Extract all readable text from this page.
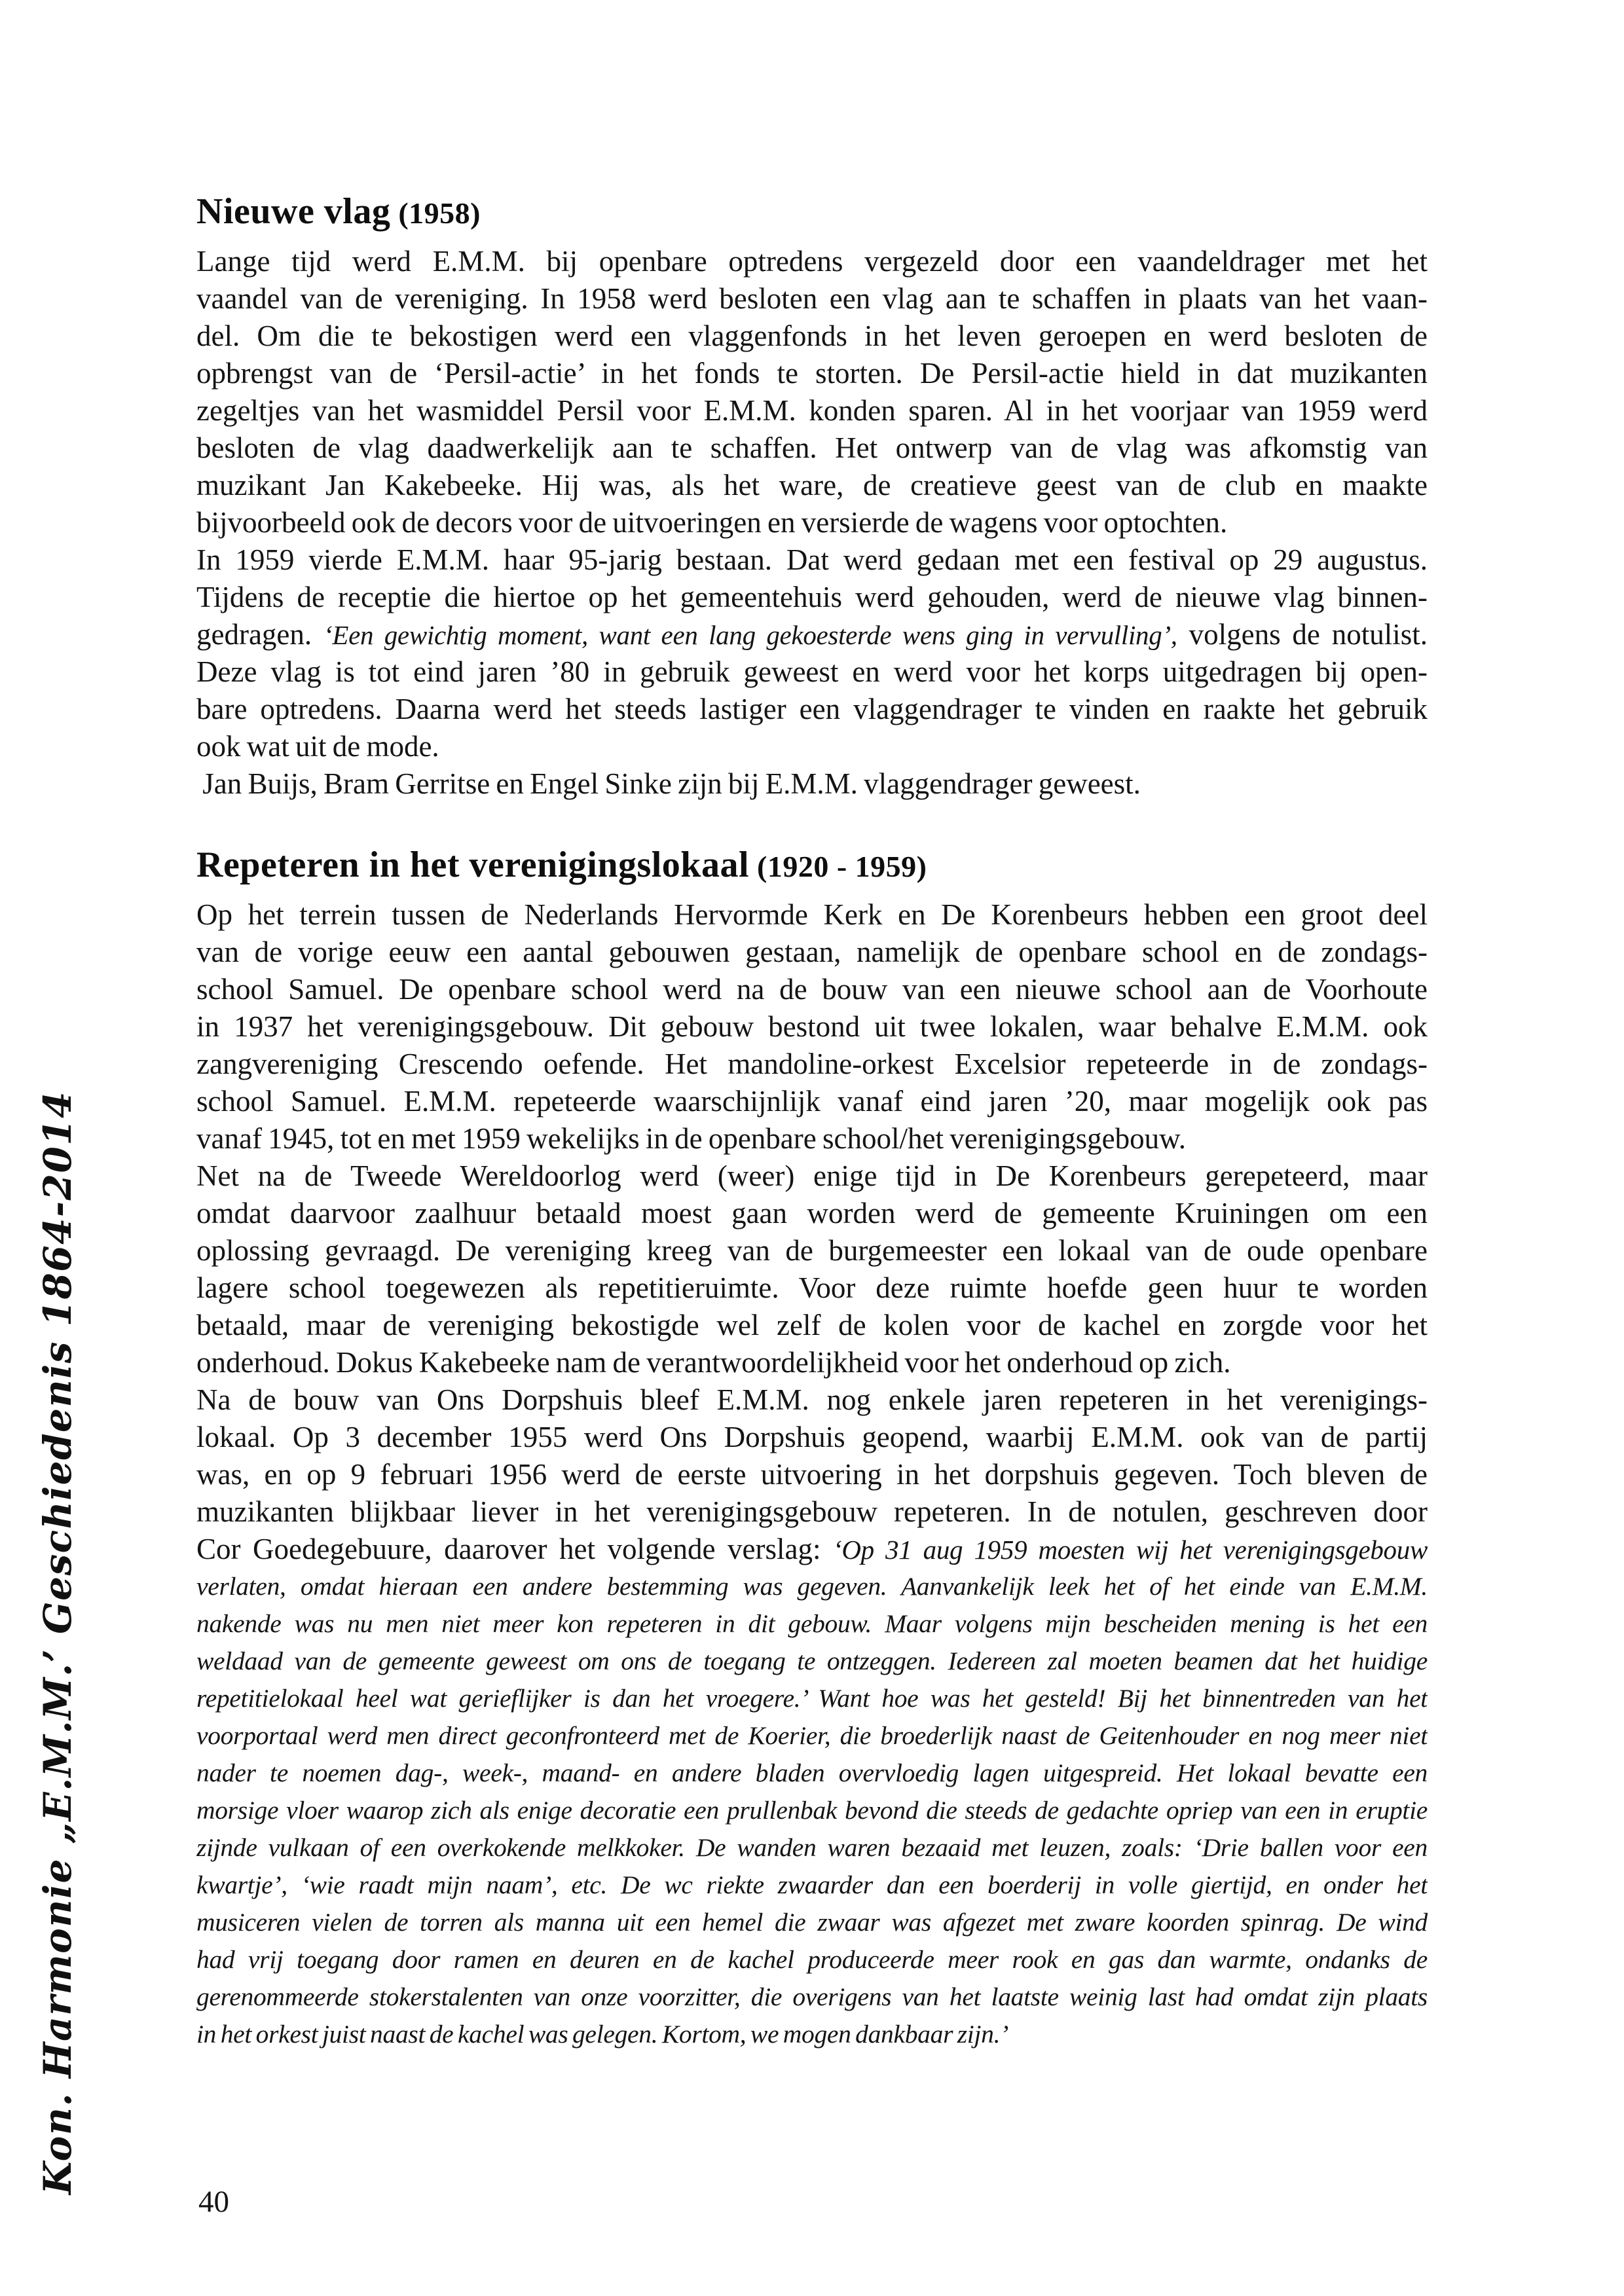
Kon. Harmonie „E.M.M.’ Geschiedenis 1864-2014
Nieuwe vlag (1958)
Lange tijd werd E.M.M. bij openbare optredens vergezeld door een vaandeldrager met het
vaandel van de vereniging. In 1958 werd besloten een vlag aan te schaffen in plaats van het vaan-
del. Om die te bekostigen werd een vlaggenfonds in het leven geroepen en werd besloten de
opbrengst van de ‘Persil-actie’ in het fonds te storten. De Persil-actie hield in dat muzikanten
zegeltjes van het wasmiddel Persil voor E.M.M. konden sparen. Al in het voorjaar van 1959 werd
besloten de vlag daadwerkelijk aan te schaffen. Het ontwerp van de vlag was afkomstig van
muzikant Jan Kakebeeke. Hij was, als het ware, de creatieve geest van de club en maakte
bijvoorbeeld ook de decors voor de uitvoeringen en versierde de wagens voor optochten.
In 1959 vierde E.M.M. haar 95-jarig bestaan. Dat werd gedaan met een festival op 29 augustus.
Tijdens de receptie die hiertoe op het gemeentehuis werd gehouden, werd de nieuwe vlag binnen-
gedragen. ‘Een gewichtig moment, want een lang gekoesterde wens ging in vervulling’, volgens de notulist.
Deze vlag is tot eind jaren ’80 in gebruik geweest en werd voor het korps uitgedragen bij open-
bare optredens. Daarna werd het steeds lastiger een vlaggendrager te vinden en raakte het gebruik
ook wat uit de mode.
Jan Buijs, Bram Gerritse en Engel Sinke zijn bij E.M.M. vlaggendrager geweest.
Repeteren in het verenigingslokaal (1920 - 1959)
Op het terrein tussen de Nederlands Hervormde Kerk en De Korenbeurs hebben een groot deel
van de vorige eeuw een aantal gebouwen gestaan, namelijk de openbare school en de zondags-
school Samuel. De openbare school werd na de bouw van een nieuwe school aan de Voorhoute
in 1937 het verenigingsgebouw. Dit gebouw bestond uit twee lokalen, waar behalve E.M.M. ook
zangvereniging Crescendo oefende. Het mandoline-orkest Excelsior repeteerde in de zondags-
school Samuel. E.M.M. repeteerde waarschijnlijk vanaf eind jaren ’20, maar mogelijk ook pas
vanaf 1945, tot en met 1959 wekelijks in de openbare school/het verenigingsgebouw.
Net na de Tweede Wereldoorlog werd (weer) enige tijd in De Korenbeurs gerepeteerd, maar
omdat daarvoor zaalhuur betaald moest gaan worden werd de gemeente Kruiningen om een
oplossing gevraagd. De vereniging kreeg van de burgemeester een lokaal van de oude openbare
lagere school toegewezen als repetitieruimte. Voor deze ruimte hoefde geen huur te worden
betaald, maar de vereniging bekostigde wel zelf de kolen voor de kachel en zorgde voor het
onderhoud. Dokus Kakebeeke nam de verantwoordelijkheid voor het onderhoud op zich.
Na de bouw van Ons Dorpshuis bleef E.M.M. nog enkele jaren repeteren in het verenigings-
lokaal. Op 3 december 1955 werd Ons Dorpshuis geopend, waarbij E.M.M. ook van de partij
was, en op 9 februari 1956 werd de eerste uitvoering in het dorpshuis gegeven. Toch bleven de
muzikanten blijkbaar liever in het verenigingsgebouw repeteren. In de notulen, geschreven door
Cor Goedegebuure, daarover het volgende verslag: ‘Op 31 aug 1959 moesten wij het verenigingsgebouw
verlaten, omdat hieraan een andere bestemming was gegeven. Aanvankelijk leek het of het einde van E.M.M.
nakende was nu men niet meer kon repeteren in dit gebouw. Maar volgens mijn bescheiden mening is het een
weldaad van de gemeente geweest om ons de toegang te ontzeggen. Iedereen zal moeten beamen dat het huidige
repetitielokaal heel wat gerieflijker is dan het vroegere.’ Want hoe was het gesteld! Bij het binnentreden van het
voorportaal werd men direct geconfronteerd met de Koerier, die broederlijk naast de Geitenhouder en nog meer niet
nader te noemen dag-, week-, maand- en andere bladen overvloedig lagen uitgespreid. Het lokaal bevatte een
morsige vloer waarop zich als enige decoratie een prullenbak bevond die steeds de gedachte opriep van een in eruptie
zijnde vulkaan of een overkokende melkkoker. De wanden waren bezaaid met leuzen, zoals: ‘Drie ballen voor een
kwartje’, ‘wie raadt mijn naam’, etc. De wc riekte zwaarder dan een boerderij in volle giertijd, en onder het
musiceren vielen de torren als manna uit een hemel die zwaar was afgezet met zware koorden spinrag. De wind
had vrij toegang door ramen en deuren en de kachel produceerde meer rook en gas dan warmte, ondanks de
gerenommeerde stokerstalenten van onze voorzitter, die overigens van het laatste weinig last had omdat zijn plaats
in het orkest juist naast de kachel was gelegen. Kortom, we mogen dankbaar zijn.’
40
